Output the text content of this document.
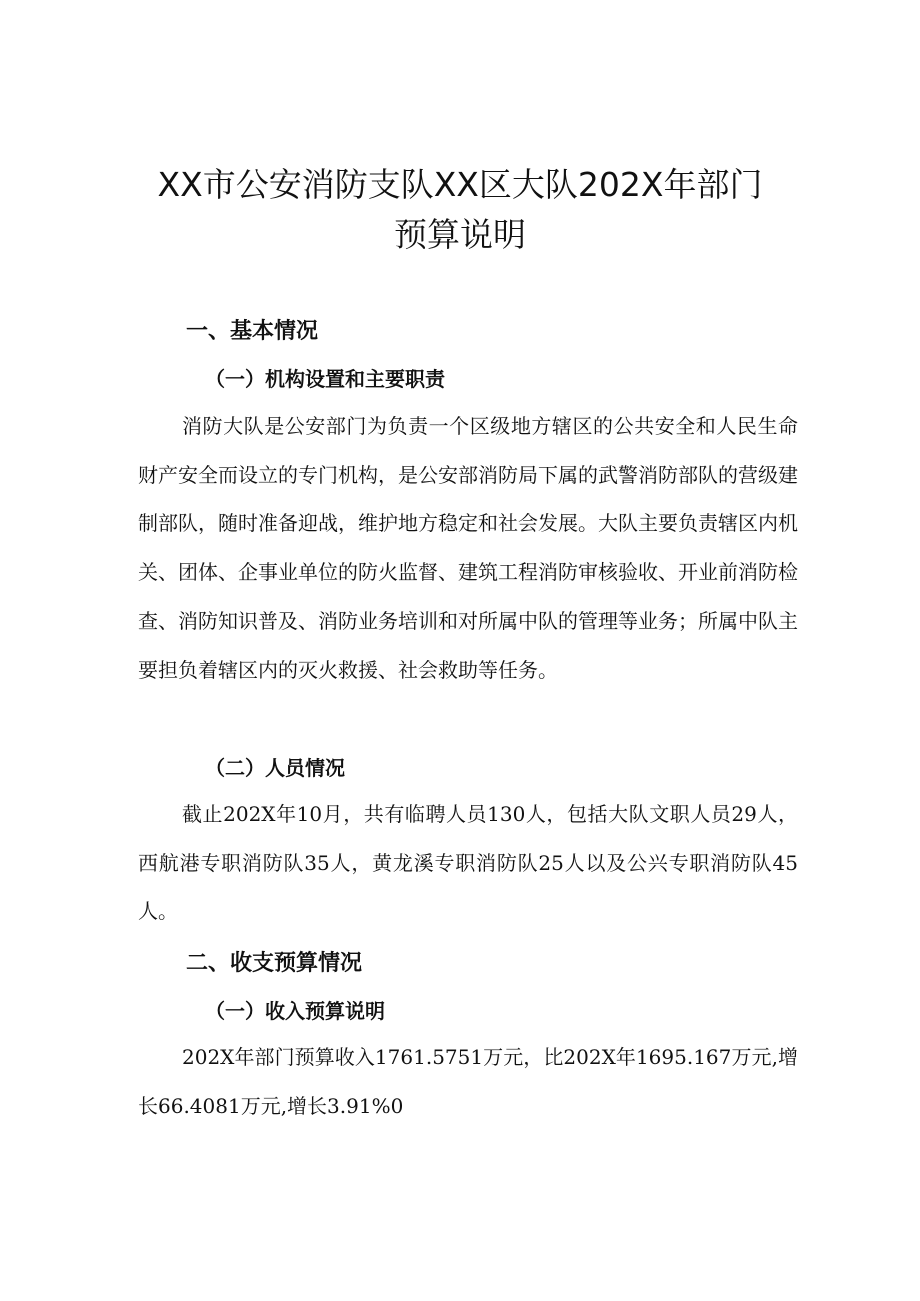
XX市公安消防支队XX区大队202X年部门
预算说明
一、基本情况
（一）机构设置和主要职责

消防大队是公安部门为负责一个区级地方辖区的公共安全和人民生命财产安全而设立的专门机构，是公安部消防局下属的武警消防部队的营级建制部队，随时准备迎战，维护地方稳定和社会发展。大队主要负责辖区内机关、团体、企事业单位的防火监督、建筑工程消防审核验收、开业前消防检查、消防知识普及、消防业务培训和对所属中队的管理等业务；所属中队主要担负着辖区内的灭火救援、社会救助等任务。

（二）人员情况

截止202X年10月，共有临聘人员130人，包括大队文职人员29人，西航港专职消防队35人，黄龙溪专职消防队25人以及公兴专职消防队45人。

二、收支预算情况
（一）收入预算说明

202X年部门预算收入1761.5751万元，比202X年1695.167万元,增长66.4081万元,增长3.91%0
